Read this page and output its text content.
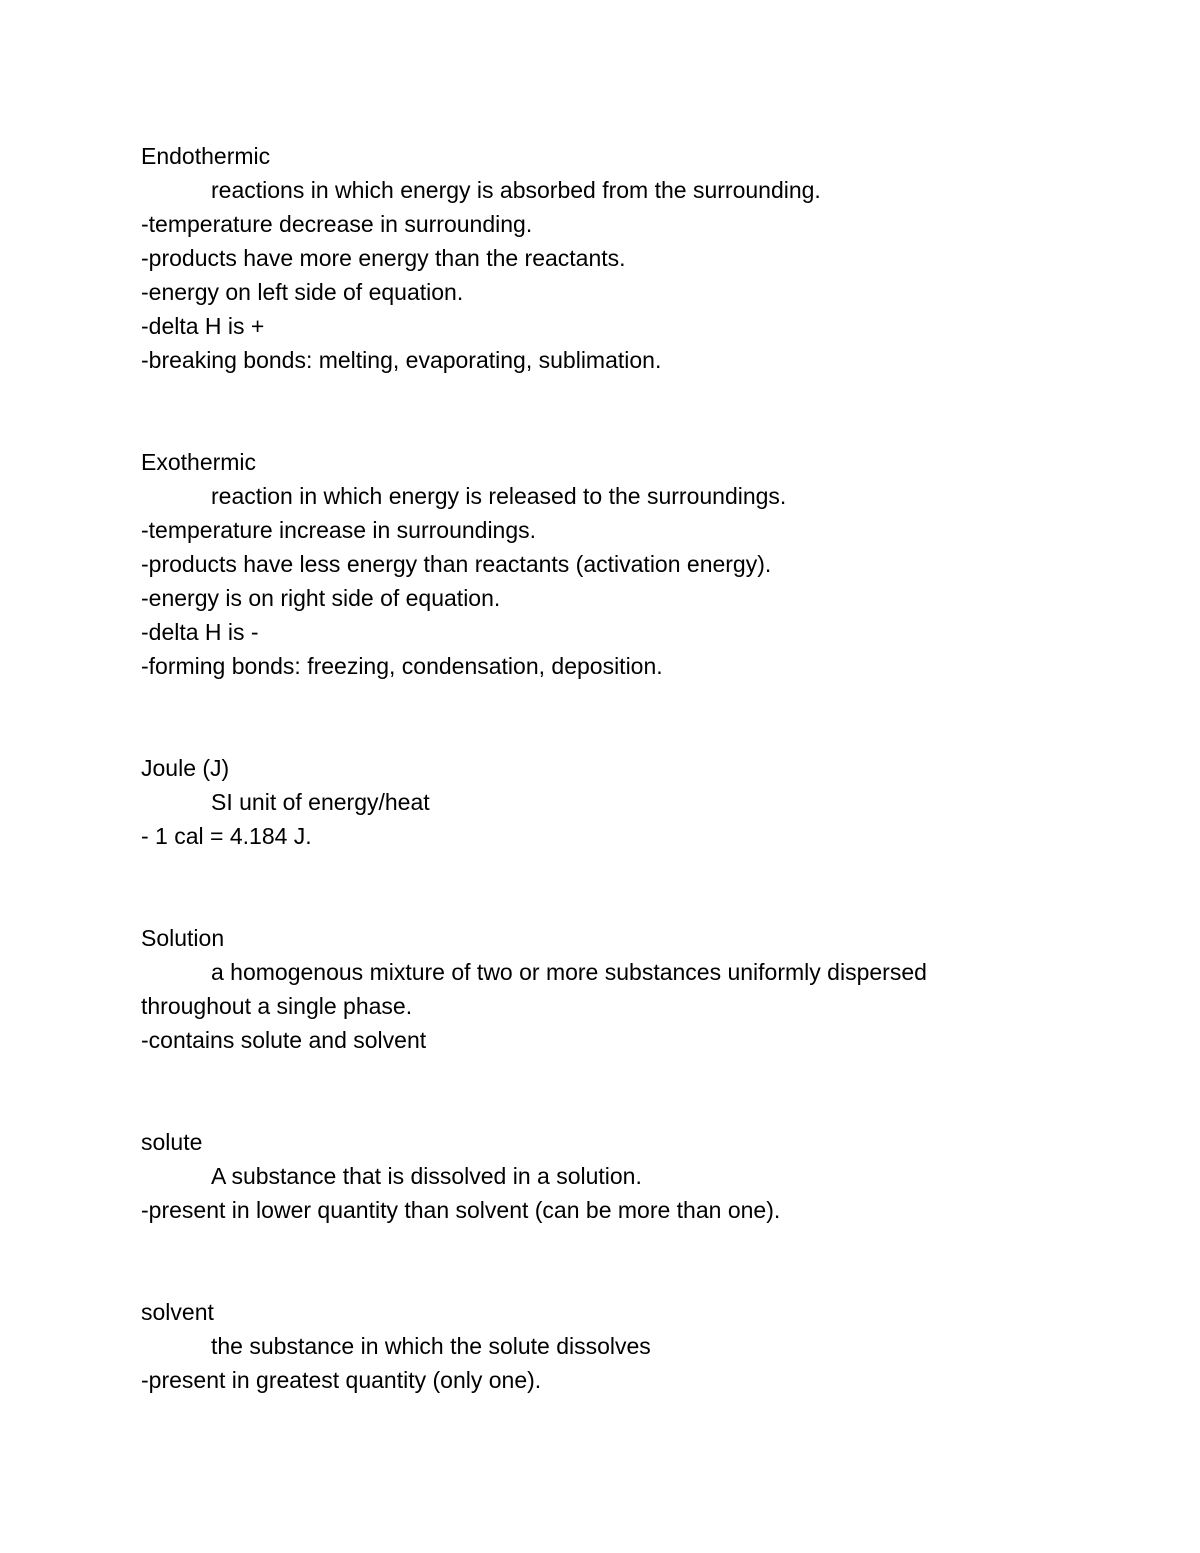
Endothermic
reactions in which energy is absorbed from the surrounding.
-temperature decrease in surrounding.
-products have more energy than the reactants.
-energy on left side of equation.
-delta H is +
-breaking bonds: melting, evaporating, sublimation.
Exothermic
reaction in which energy is released to the surroundings.
-temperature increase in surroundings.
-products have less energy than reactants (activation energy).
-energy is on right side of equation.
-delta H is -
-forming bonds: freezing, condensation, deposition.
Joule (J)
SI unit of energy/heat
- 1 cal = 4.184 J.
Solution
a homogenous mixture of two or more substances uniformly dispersed
throughout a single phase.
-contains solute and solvent
solute
A substance that is dissolved in a solution.
-present in lower quantity than solvent (can be more than one).
solvent
the substance in which the solute dissolves
-present in greatest quantity (only one).
